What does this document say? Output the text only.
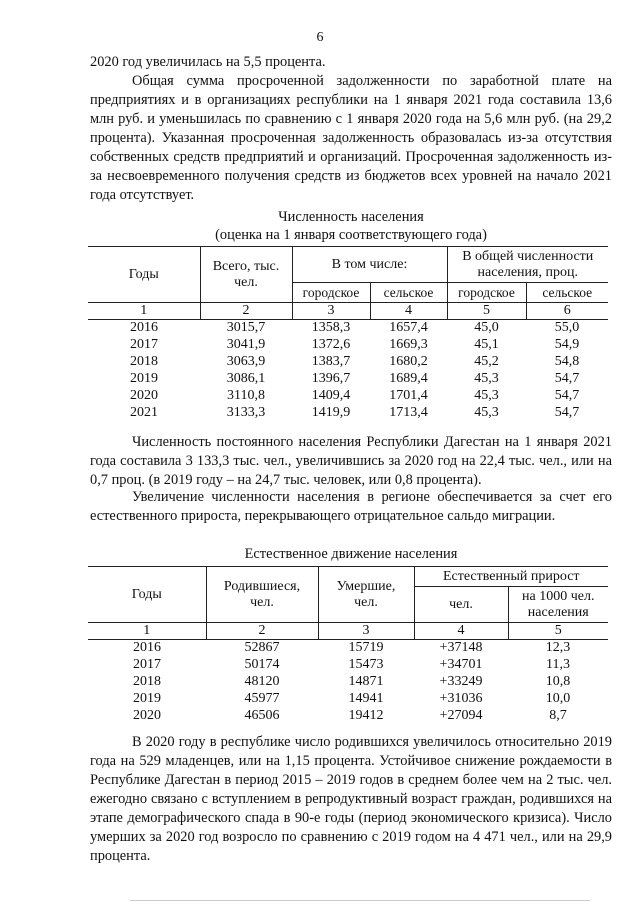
6

2020 год увеличилась на 5,5 процента.

Общая сумма просроченной задолженности по заработной плате на предприятиях и в организациях республики на 1 января 2021 года составила 13,6 млн руб. и уменьшилась по сравнению с 1 января 2020 года на 5,6 млн руб. (на 29,2 процента). Указанная просроченная задолженность образовалась из-за отсутствия собственных средств предприятий и организаций. Просроченная задолженность из-за несвоевременного получения средств из бюджетов всех уровней на начало 2021 года отсутствует.

Численность населения
(оценка на 1 января соответствующего года)
Годы	Всего, тыс. чел.	В том числе:		В общей численности населения, проц.	
		городское	сельское	городское	сельское
1	2	3	4	5	6
2016	3015,7	1358,3	1657,4	45,0	55,0
2017	3041,9	1372,6	1669,3	45,1	54,9
2018	3063,9	1383,7	1680,2	45,2	54,8
2019	3086,1	1396,7	1689,4	45,3	54,7
2020	3110,8	1409,4	1701,4	45,3	54,7
2021	3133,3	1419,9	1713,4	45,3	54,7

Численность постоянного населения Республики Дагестан на 1 января 2021 года составила 3 133,3 тыс. чел., увеличившись за 2020 год на 22,4 тыс. чел., или на 0,7 проц. (в 2019 году – на 24,7 тыс. человек, или 0,8 процента).

Увеличение численности населения в регионе обеспечивается за счет его естественного прироста, перекрывающего отрицательное сальдо миграции.

Естественное движение населения
Годы	Родившиеся, чел.	Умершие, чел.	Естественный прирост	
			чел.	на 1000 чел. населения
1	2	3	4	5
2016	52867	15719	+37148	12,3
2017	50174	15473	+34701	11,3
2018	48120	14871	+33249	10,8
2019	45977	14941	+31036	10,0
2020	46506	19412	+27094	8,7

В 2020 году в республике число родившихся увеличилось относительно 2019 года на 529 младенцев, или на 1,15 процента. Устойчивое снижение рождаемости в Республике Дагестан в период 2015 – 2019 годов в среднем более чем на 2 тыс. чел. ежегодно связано с вступлением в репродуктивный возраст граждан, родившихся на этапе демографического спада в 90-е годы (период экономического кризиса). Число умерших за 2020 год возросло по сравнению с 2019 годом на 4 471 чел., или на 29,9 процента.
